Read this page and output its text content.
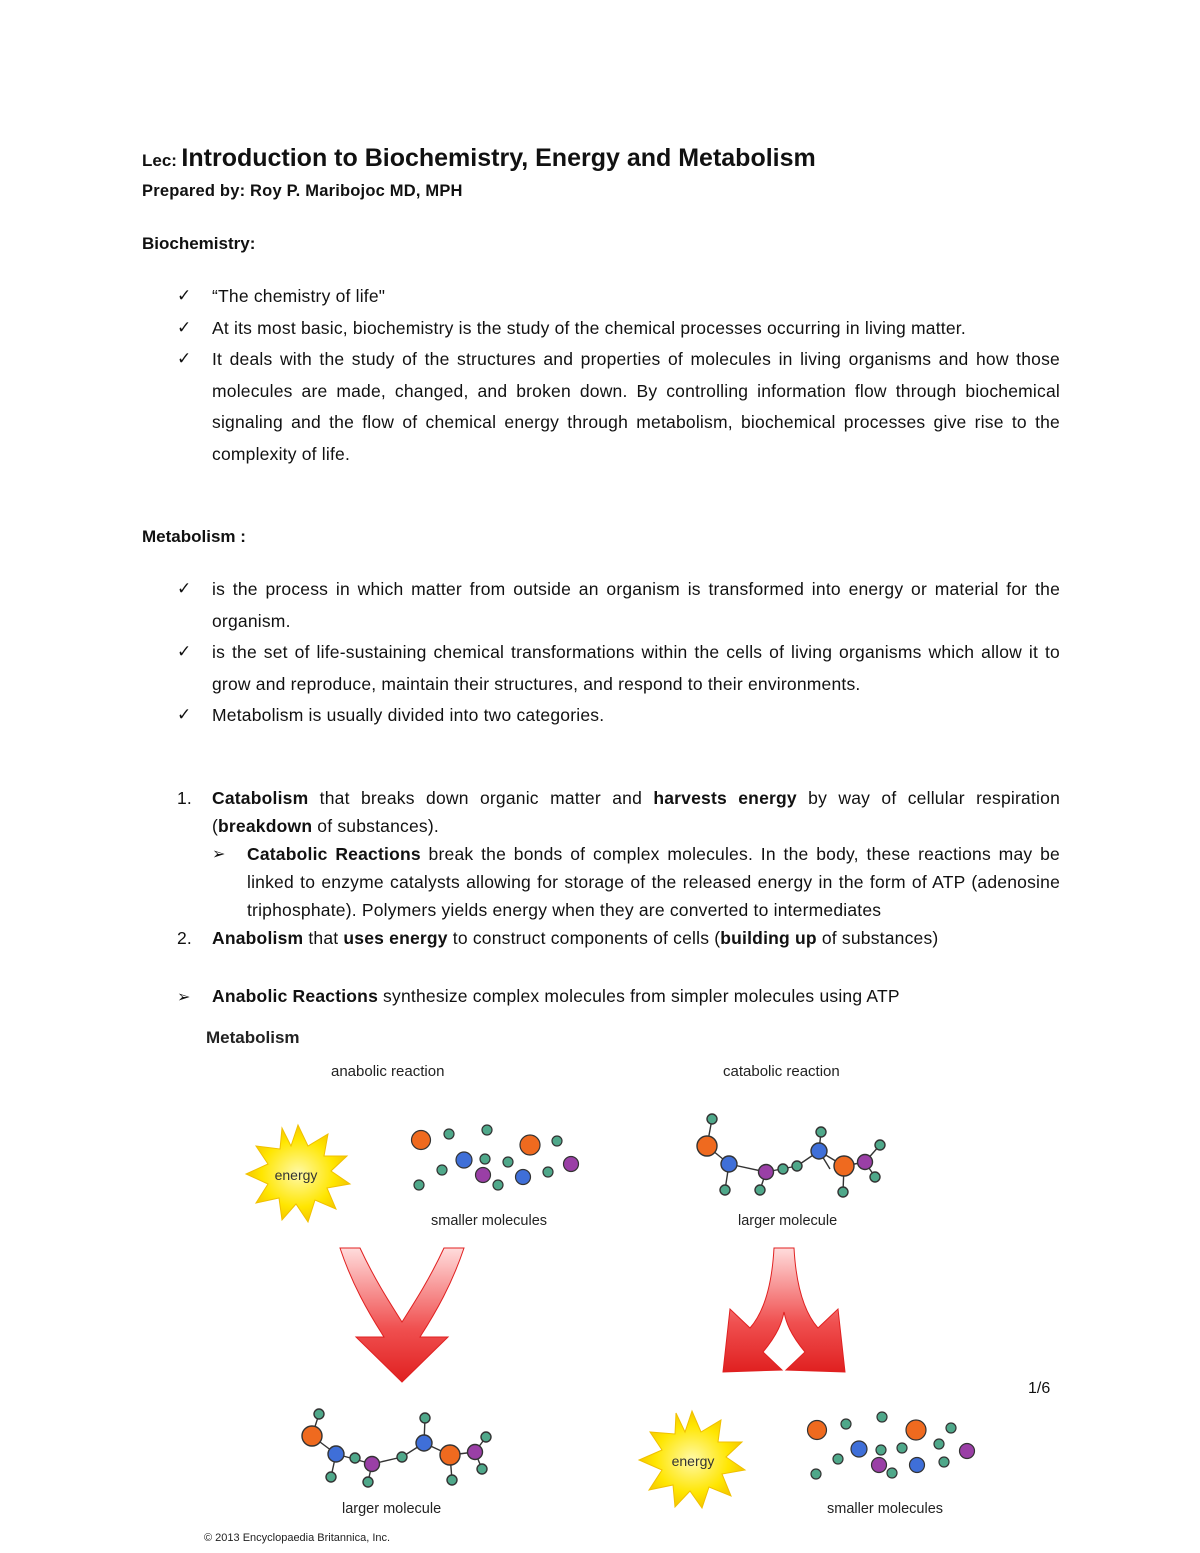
Lec: Introduction to Biochemistry, Energy and Metabolism
Prepared by: Roy P. Maribojoc MD, MPH
Biochemistry:
✓ “The chemistry of life"
✓ At its most basic, biochemistry is the study of the chemical processes occurring in living matter.
✓ It deals with the study of the structures and properties of molecules in living organisms and how those molecules are made, changed, and broken down. By controlling information flow through biochemical signaling and the flow of chemical energy through metabolism, biochemical processes give rise to the complexity of life.
Metabolism :
✓ is the process in which matter from outside an organism is transformed into energy or material for the organism.
✓ is the set of life-sustaining chemical transformations within the cells of living organisms which allow it to grow and reproduce, maintain their structures, and respond to their environments.
✓ Metabolism is usually divided into two categories.
1. Catabolism that breaks down organic matter and harvests energy by way of cellular respiration (breakdown of substances).
➢ Catabolic Reactions break the bonds of complex molecules. In the body, these reactions may be linked to enzyme catalysts allowing for storage of the released energy in the form of ATP (adenosine triphosphate). Polymers yields energy when they are converted to intermediates
2. Anabolism that uses energy to construct components of cells (building up of substances)
➢ Anabolic Reactions synthesize complex molecules from simpler molecules using ATP
Metabolism
anabolic reaction	catabolic reaction
energy
energy
smaller molecules	larger molecule
larger molecule	smaller molecules
© 2013 Encyclopaedia Britannica, Inc.
1/6
